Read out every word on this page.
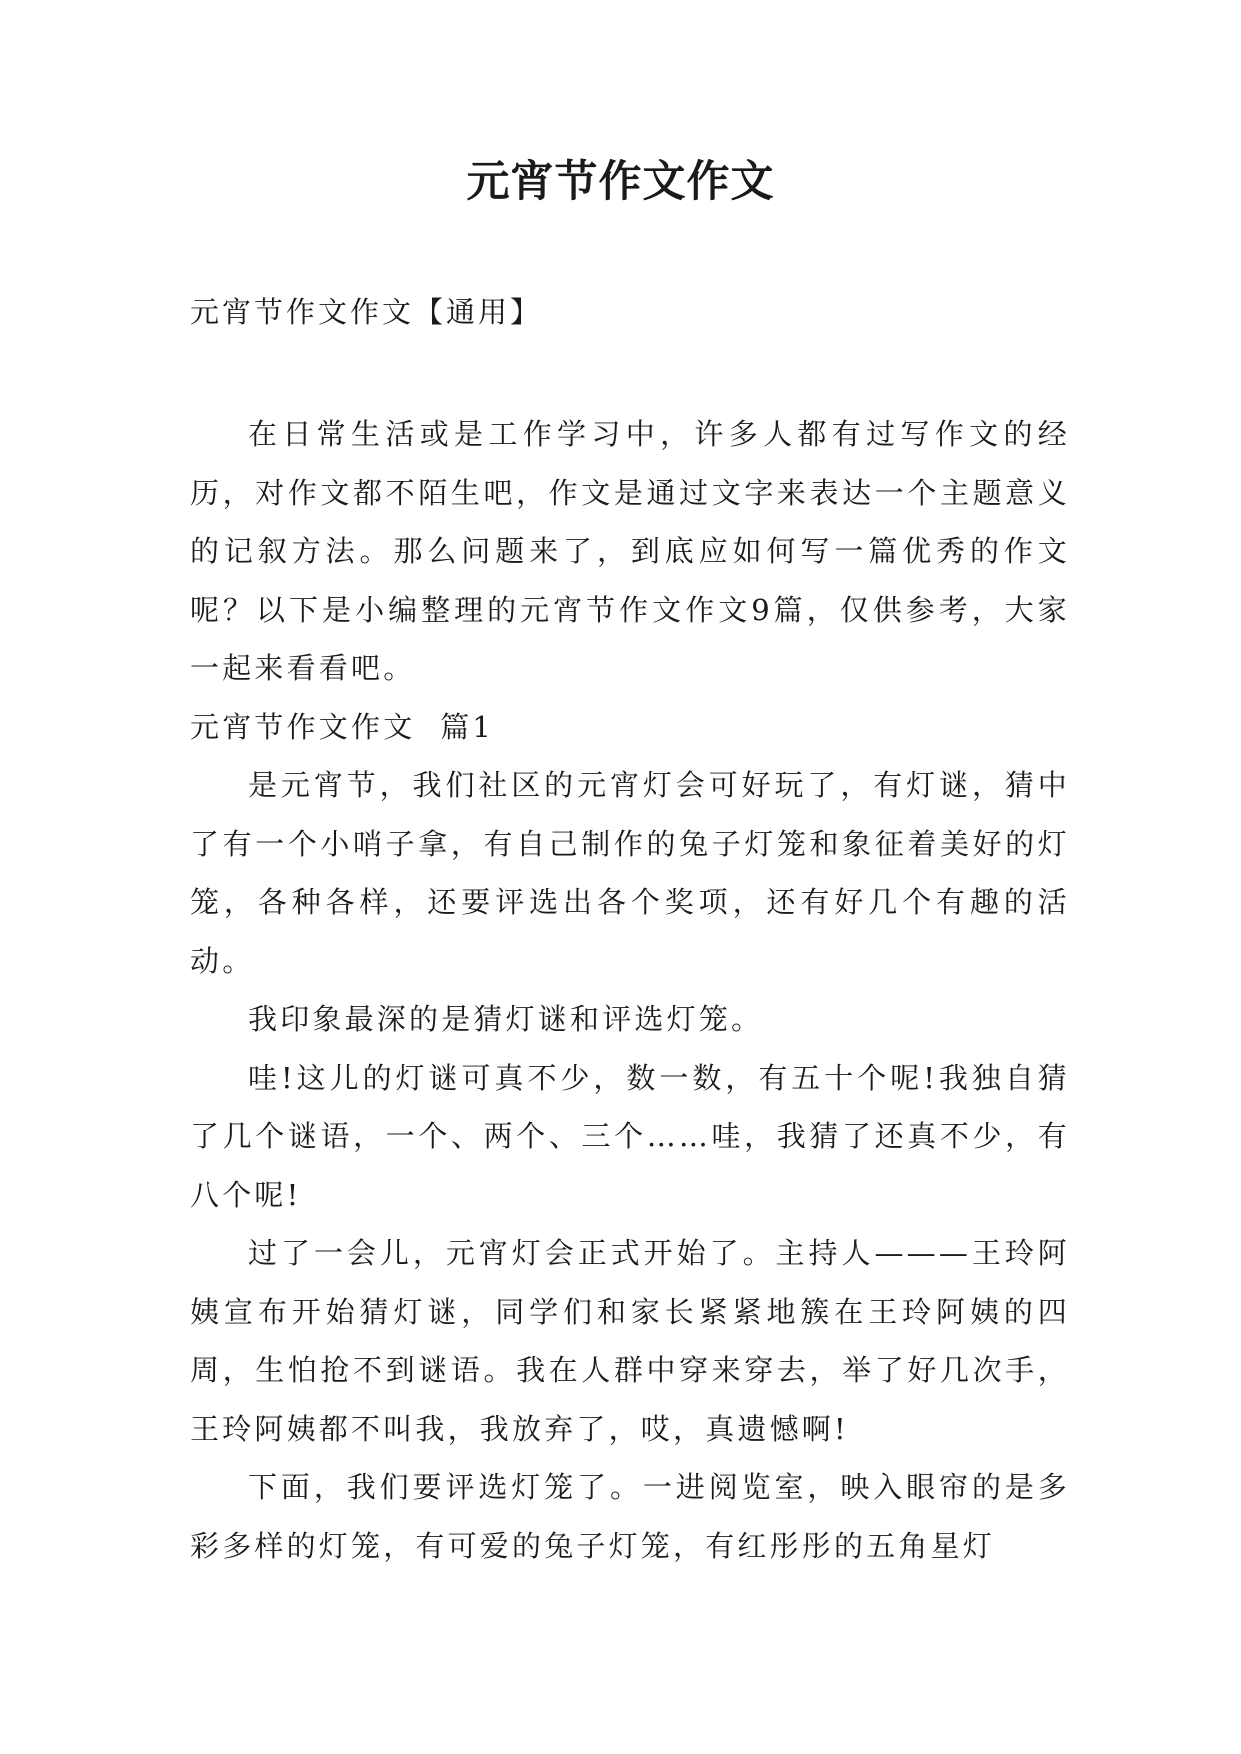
元宵节作文作文
元宵节作文作文【通用】

在日常生活或是工作学习中，许多人都有过写作文的经历，对作文都不陌生吧，作文是通过文字来表达一个主题意义的记叙方法。那么问题来了，到底应如何写一篇优秀的作文呢？以下是小编整理的元宵节作文作文9篇，仅供参考，大家一起来看看吧。

元宵节作文作文  篇1

是元宵节，我们社区的元宵灯会可好玩了，有灯谜，猜中了有一个小哨子拿，有自己制作的兔子灯笼和象征着美好的灯笼，各种各样，还要评选出各个奖项，还有好几个有趣的活动。

我印象最深的是猜灯谜和评选灯笼。

哇!这儿的灯谜可真不少，数一数，有五十个呢!我独自猜了几个谜语，一个、两个、三个……哇，我猜了还真不少，有八个呢!

过了一会儿，元宵灯会正式开始了。主持人———王玲阿姨宣布开始猜灯谜，同学们和家长紧紧地簇在王玲阿姨的四周，生怕抢不到谜语。我在人群中穿来穿去，举了好几次手，王玲阿姨都不叫我，我放弃了，哎，真遗憾啊!

下面，我们要评选灯笼了。一进阅览室，映入眼帘的是多彩多样的灯笼，有可爱的兔子灯笼，有红彤彤的五角星灯
